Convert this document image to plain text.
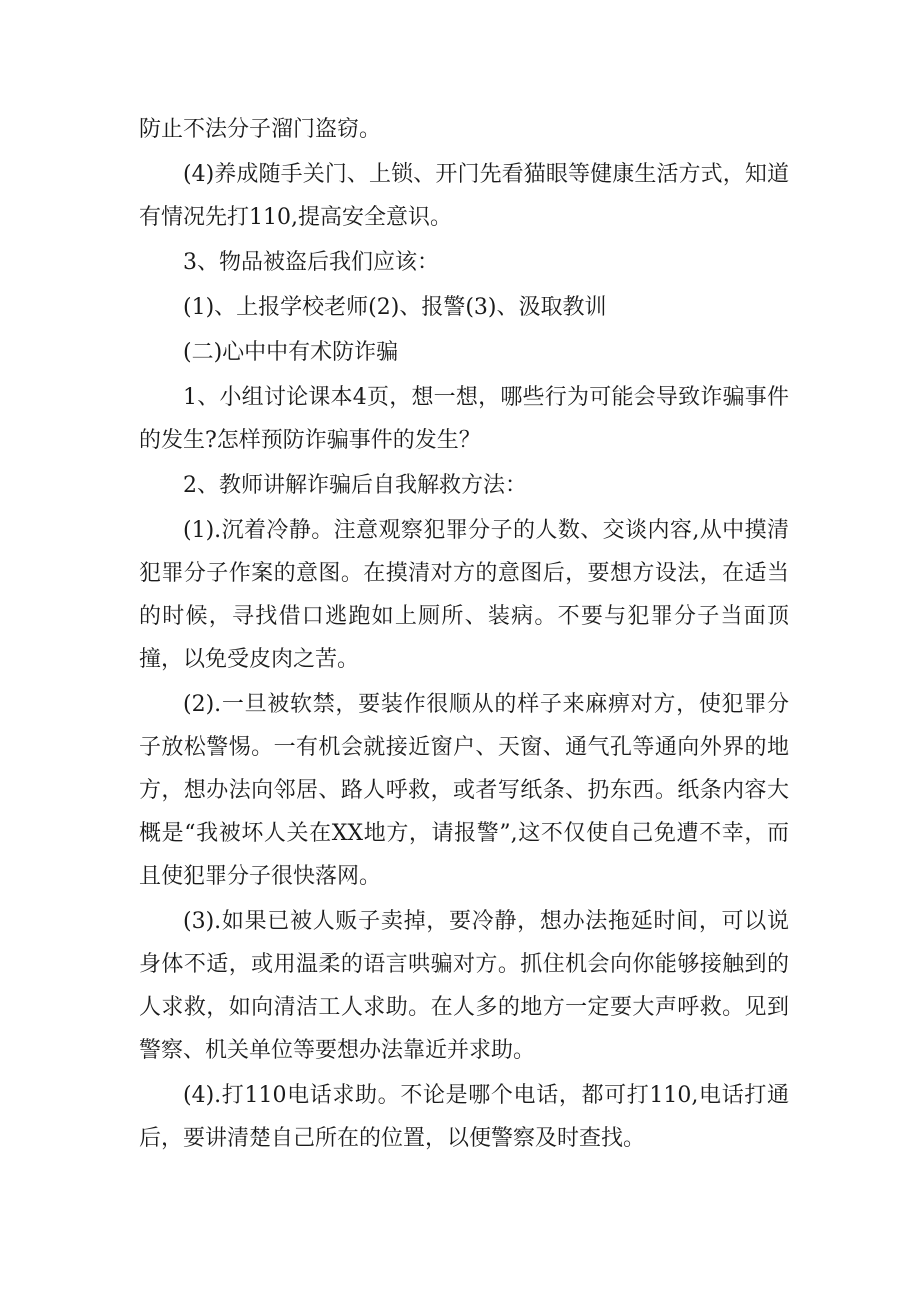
防止不法分子溜门盗窃。

(4)养成随手关门、上锁、开门先看猫眼等健康生活方式，知道有情况先打110,提高安全意识。

3、物品被盗后我们应该：

(1)、上报学校老师(2)、报警(3)、汲取教训

(二)心中中有术防诈骗

1、小组讨论课本4页，想一想，哪些行为可能会导致诈骗事件的发生?怎样预防诈骗事件的发生？

2、教师讲解诈骗后自我解救方法：

(1).沉着冷静。注意观察犯罪分子的人数、交谈内容,从中摸清犯罪分子作案的意图。在摸清对方的意图后，要想方设法，在适当的时候，寻找借口逃跑如上厕所、装病。不要与犯罪分子当面顶撞，以免受皮肉之苦。

(2).一旦被软禁，要装作很顺从的样子来麻痹对方，使犯罪分子放松警惕。一有机会就接近窗户、天窗、通气孔等通向外界的地方，想办法向邻居、路人呼救，或者写纸条、扔东西。纸条内容大概是“我被坏人关在XX地方，请报警”,这不仅使自己免遭不幸，而且使犯罪分子很快落网。

(3).如果已被人贩子卖掉，要冷静，想办法拖延时间，可以说身体不适，或用温柔的语言哄骗对方。抓住机会向你能够接触到的人求救，如向清洁工人求助。在人多的地方一定要大声呼救。见到警察、机关单位等要想办法靠近并求助。

(4).打110电话求助。不论是哪个电话，都可打110,电话打通后，要讲清楚自己所在的位置，以便警察及时查找。
